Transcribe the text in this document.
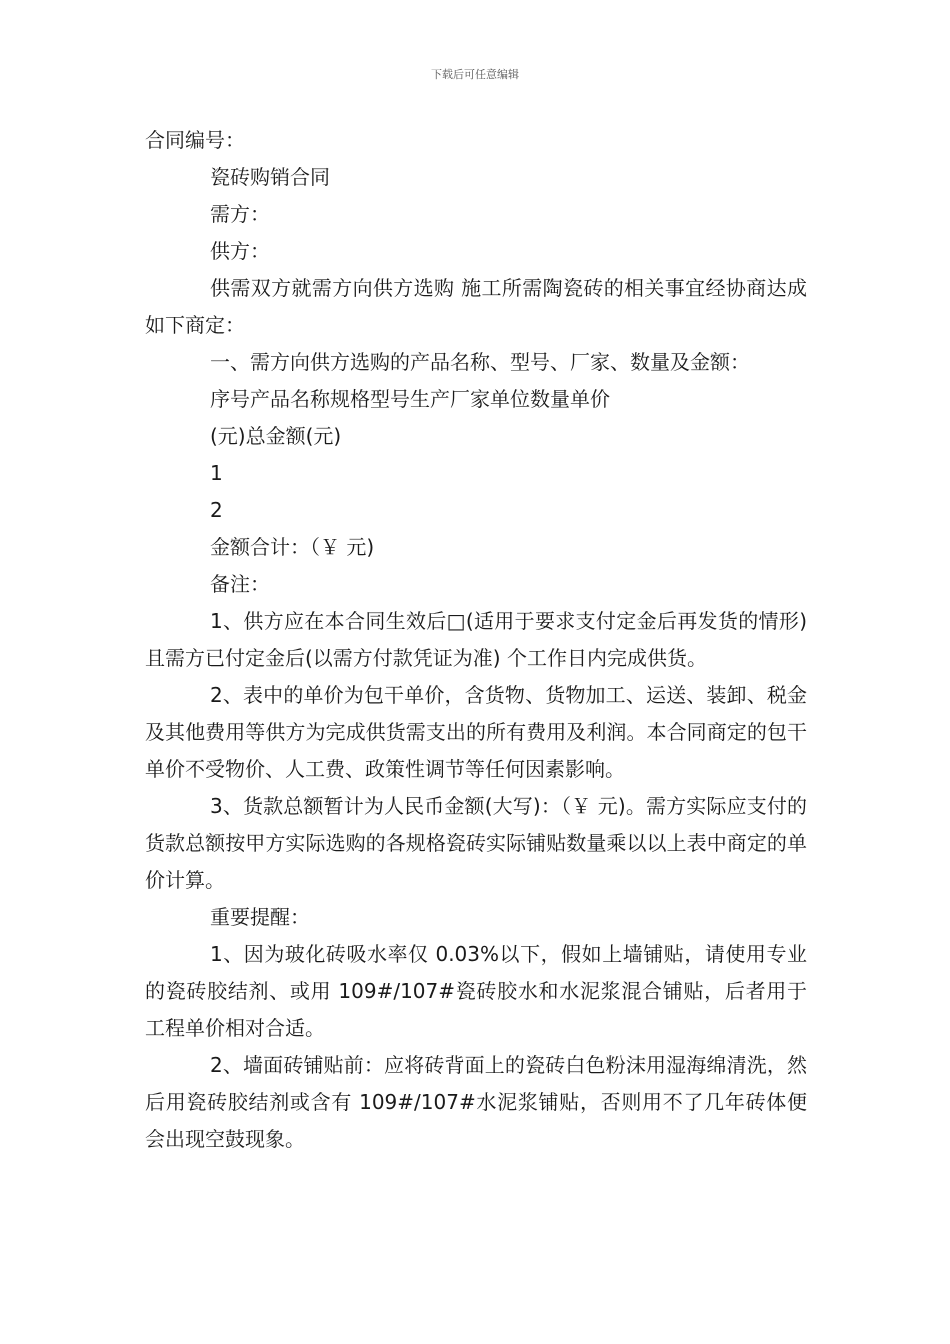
下载后可任意编辑

合同编号：

瓷砖购销合同

需方：

供方：

供需双方就需方向供方选购 施工所需陶瓷砖的相关事宜经协商达成如下商定：

一、需方向供方选购的产品名称、型号、厂家、数量及金额：

序号产品名称规格型号生产厂家单位数量单价

(元)总金额(元)

1

2

金额合计：（￥ 元)

备注：

1、供方应在本合同生效后□(适用于要求支付定金后再发货的情形)且需方已付定金后(以需方付款凭证为准) 个工作日内完成供货。

2、表中的单价为包干单价，含货物、货物加工、运送、装卸、税金及其他费用等供方为完成供货需支出的所有费用及利润。本合同商定的包干单价不受物价、人工费、政策性调节等任何因素影响。

3、货款总额暂计为人民币金额(大写)：（￥ 元)。需方实际应支付的货款总额按甲方实际选购的各规格瓷砖实际铺贴数量乘以以上表中商定的单价计算。

重要提醒：

1、因为玻化砖吸水率仅 0.03%以下，假如上墙铺贴，请使用专业的瓷砖胶结剂、或用 109#/107#瓷砖胶水和水泥浆混合铺贴，后者用于工程单价相对合适。

2、墙面砖铺贴前：应将砖背面上的瓷砖白色粉沫用湿海绵清洗，然后用瓷砖胶结剂或含有 109#/107#水泥浆铺贴，否则用不了几年砖体便会出现空鼓现象。
